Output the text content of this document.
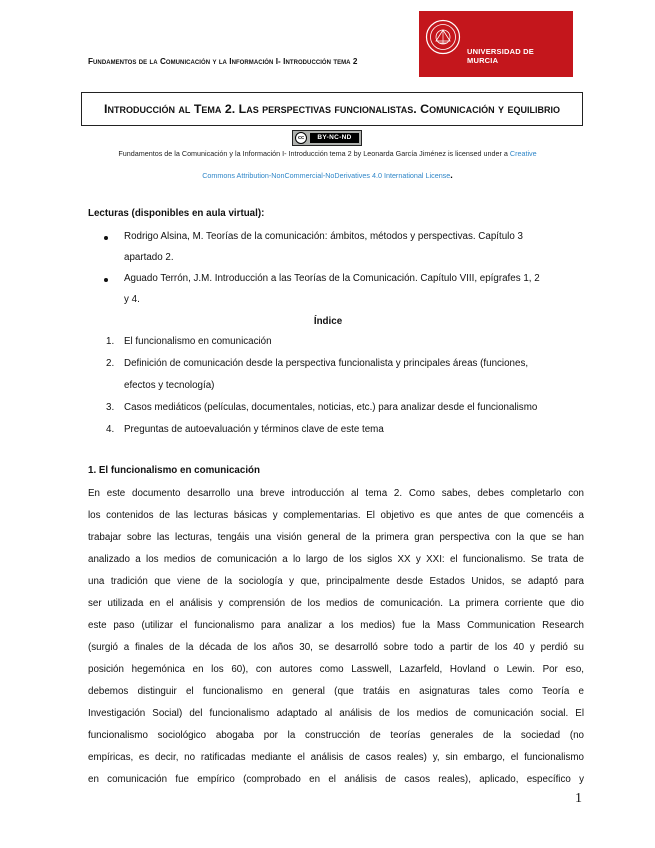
Fundamentos de la Comunicación y la Información I- Introducción tema 2
UNIVERSIDAD DE
MURCIA
Introducción al Tema 2. Las perspectivas funcionalistas. Comunicación y equilibrio
cc	BY-NC-ND
Fundamentos de la Comunicación y la Información I- Introducción tema 2 by Leonarda García Jiménez is licensed under a Creative
Commons Attribution-NonCommercial-NoDerivatives 4.0 International License.
Lecturas (disponibles en aula virtual):
Rodrigo Alsina, M. Teorías de la comunicación: ámbitos, métodos y perspectivas. Capítulo 3
apartado 2.
Aguado Terrón, J.M. Introducción a las Teorías de la Comunicación. Capítulo VIII, epígrafes 1, 2
y 4.
Índice
1. El funcionalismo en comunicación
2. Definición de comunicación desde la perspectiva funcionalista y principales áreas (funciones,
efectos y tecnología)
3. Casos mediáticos (películas, documentales, noticias, etc.) para analizar desde el funcionalismo
4. Preguntas de autoevaluación y términos clave de este tema
1. El funcionalismo en comunicación
En este documento desarrollo una breve introducción al tema 2. Como sabes, debes completarlo con
los contenidos de las lecturas básicas y complementarias. El objetivo es que antes de que comencéis a
trabajar sobre las lecturas, tengáis una visión general de la primera gran perspectiva con la que se han
analizado a los medios de comunicación a lo largo de los siglos XX y XXI: el funcionalismo. Se trata de
una tradición que viene de la sociología y que, principalmente desde Estados Unidos, se adaptó para
ser utilizada en el análisis y comprensión de los medios de comunicación. La primera corriente que dio
este paso (utilizar el funcionalismo para analizar a los medios) fue la Mass Communication Research
(surgió a finales de la década de los años 30, se desarrolló sobre todo a partir de los 40 y perdió su
posición hegemónica en los 60), con autores como Lasswell, Lazarfeld, Hovland o Lewin. Por eso,
debemos distinguir el funcionalismo en general (que tratáis en asignaturas tales como Teoría e
Investigación Social) del funcionalismo adaptado al análisis de los medios de comunicación social. El
funcionalismo sociológico abogaba por la construcción de teorías generales de la sociedad (no
empíricas, es decir, no ratificadas mediante el análisis de casos reales) y, sin embargo, el funcionalismo
en comunicación fue empírico (comprobado en el análisis de casos reales), aplicado, específico y
1
